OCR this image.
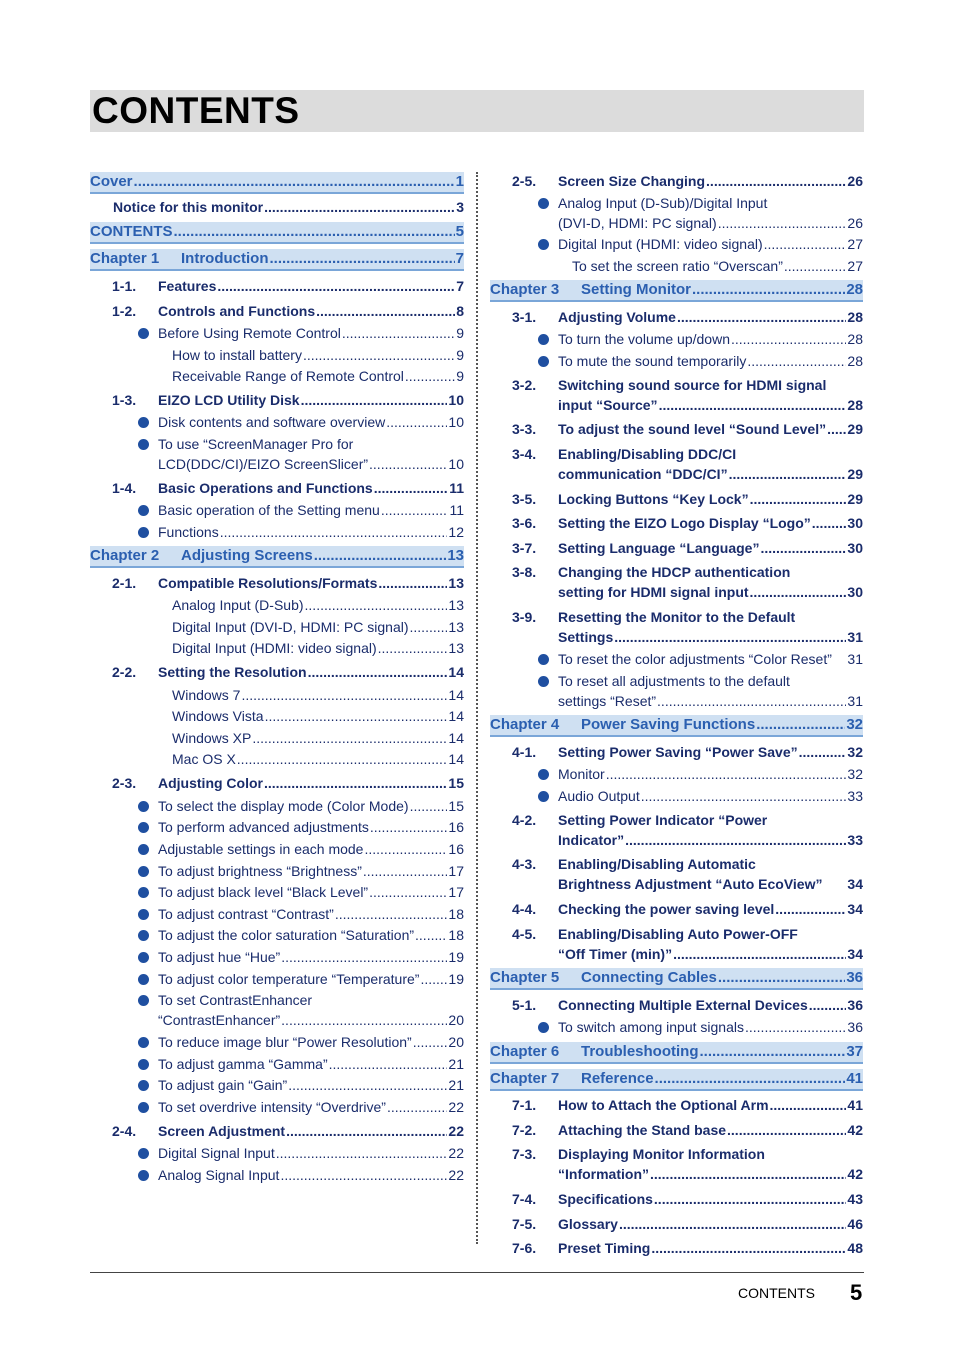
CONTENTS
Cover .....	1
Notice for this monitor .....	3
CONTENTS .....	5
Chapter 1	Introduction .....	7
1-1. Features .....	7
1-2. Controls and Functions .....	8
Before Using Remote Control .....	9
How to install battery .....	9
Receivable Range of Remote Control .....	9
1-3. EIZO LCD Utility Disk .....	10
Disk contents and software overview .....	10
To use “ScreenManager Pro for
LCD(DDC/CI)/EIZO ScreenSlicer” .....	10
1-4. Basic Operations and Functions .....	11
Basic operation of the Setting menu .....	11
Functions .....	12
Chapter 2	Adjusting Screens .....	13
2-1. Compatible Resolutions/Formats .....	13
Analog Input (D-Sub) .....	13
Digital Input (DVI-D, HDMI: PC signal) .....	13
Digital Input (HDMI: video signal) .....	13
2-2. Setting the Resolution .....	14
Windows 7 .....	14
Windows Vista .....	14
Windows XP .....	14
Mac OS X .....	14
2-3. Adjusting Color .....	15
To select the display mode (Color Mode) .....	15
To perform advanced adjustments .....	16
Adjustable settings in each mode .....	16
To adjust brightness “Brightness” .....	17
To adjust black level “Black Level” .....	17
To adjust contrast “Contrast” .....	18
To adjust the color saturation “Saturation” ..... 18
To adjust hue “Hue” .....	19
To adjust color temperature “Temperature” ..... 19
To set ContrastEnhancer
“ContrastEnhancer” .....	20
To reduce image blur “Power Resolution” .....	20
To adjust gamma “Gamma” .....	21
To adjust gain “Gain” .....	21
To set overdrive intensity “Overdrive” .....	22
2-4. Screen Adjustment .....	22
Digital Signal Input .....	22
Analog Signal Input .....	22
2-5. Screen Size Changing .....	26
Analog Input (D-Sub)/Digital Input
(DVI-D, HDMI: PC signal) .....	26
Digital Input (HDMI: video signal) .....	27
To set the screen ratio “Overscan” .....	27
Chapter 3	Setting Monitor .....	28
3-1. Adjusting Volume .....	28
To turn the volume up/down .....	28
To mute the sound temporarily .....	28
3-2. Switching sound source for HDMI signal
input “Source” .....	28
3-3. To adjust the sound level “Sound Level” ..... 29
3-4. Enabling/Disabling DDC/CI
communication “DDC/CI” .....	29
3-5. Locking Buttons “Key Lock” .....	29
3-6. Setting the EIZO Logo Display “Logo” .....	30
3-7. Setting Language “Language” .....	30
3-8. Changing the HDCP authentication
setting for HDMI signal input .....	30
3-9. Resetting the Monitor to the Default
Settings .....	31
To reset the color adjustments “Color Reset” 31
To reset all adjustments to the default
settings “Reset” .....	31
Chapter 4	Power Saving Functions .....	32
4-1. Setting Power Saving “Power Save” .....	32
Monitor .....	32
Audio Output .....	33
4-2. Setting Power Indicator “Power
Indicator” .....	33
4-3. Enabling/Disabling Automatic
Brightness Adjustment “Auto EcoView” 34
4-4. Checking the power saving level .....	34
4-5. Enabling/Disabling Auto Power-OFF
“Off Timer (min)” .....	34
Chapter 5	Connecting Cables .....	36
5-1. Connecting Multiple External Devices .....	36
To switch among input signals .....	36
Chapter 6	Troubleshooting .....	37
Chapter 7	Reference .....	41
7-1. How to Attach the Optional Arm .....	41
7-2. Attaching the Stand base .....	42
7-3. Displaying Monitor Information
“Information” .....	42
7-4. Specifications .....	43
7-5. Glossary .....	46
7-6. Preset Timing .....	48
CONTENTS 5
